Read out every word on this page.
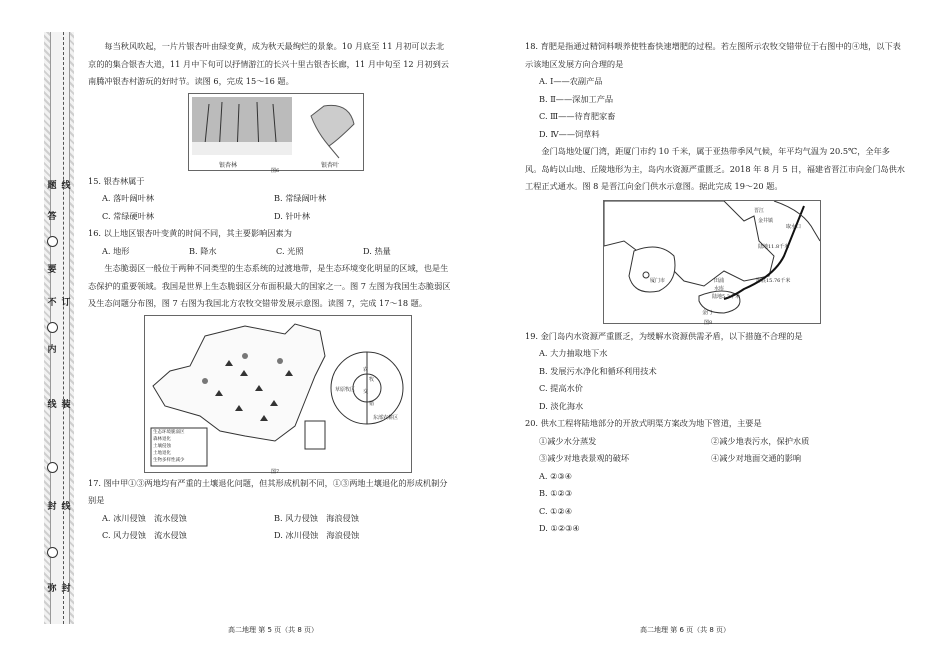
弥
封
线
内
不
要
答
题
封
线
装
订
线

每当秋风吹起，一片片银杏叶由绿变黄，成为秋天最绚烂的景象。10 月底至 11 月初可以去北京的的集合银杏大道，11 月中下旬可以抒情游江的长兴十里古银杏长廊，11 月中旬至 12 月初到云南腾冲银杏村游玩的好时节。读图 6，完成 15～16 题。

银杏林	银杏叶
图6

15. 银杏林属于

A. 落叶阔叶林	B. 常绿阔叶林
C. 常绿硬叶林	D. 针叶林

16. 以上地区银杏叶变黄的时间不同，其主要影响因素为

A. 地形	B. 降水	C. 光照	D. 热量

生态脆弱区一般位于两种不同类型的生态系统的过渡地带，是生态环境变化明显的区域，也是生态保护的重要领域。我国是世界上生态脆弱区分布面积最大的国家之一。图 7 左图为我国生态脆弱区及生态问题分布图，图 7 右图为我国北方农牧交错带发展示意图。读图 7，完成 17～18 题。

生态环境脆弱区
森林退化
土壤侵蚀
土地退化
生物多样性减少
草原牧区
农
牧
交
错
东部农耕区
图7

17. 图中甲①③两地均有严重的土壤退化问题，但其形成机制不同，①③两地土壤退化的形成机制分别是

A. 冰川侵蚀　流水侵蚀	B. 风力侵蚀　海浪侵蚀
C. 风力侵蚀　流水侵蚀	D. 冰川侵蚀　海浪侵蚀

18. 育肥是指通过精饲料喂养使牲畜快速增肥的过程。若左图所示农牧交错带位于右图中的④地，以下表示该地区发展方向合理的是

A. Ⅰ——农副产品

B. Ⅱ——深加工产品

C. Ⅲ——待育肥家畜

D. Ⅳ——饲草料

金门岛地处厦门湾，距厦门市约 10 千米，属于亚热带季风气候，年平均气温为 20.5℃，全年多风。岛屿以山地、丘陵地形为主，岛内水资源严重匮乏。2018 年 8 月 5 日，福建省晋江市向金门岛供水工程正式通水。图 8 是晋江向金门供水示意图。据此完成 19～20 题。

晋江
金井镇
取水口
陆地11.8千米
厦门市	田浦
水库
陆地5.2千米
金门
海底15.76千米
图8

19. 金门岛内水资源严重匮乏，为缓解水资源供需矛盾，以下措施不合理的是

A. 大力抽取地下水

B. 发展污水净化和循环利用技术

C. 提高水价

D. 淡化海水

20. 供水工程将陆地部分的开放式明渠方案改为地下管道，主要是

①减少水分蒸发	②减少地表污水，保护水质
③减少对地表景观的破坏	④减少对地面交通的影响

A. ②③④

B. ①②③

C. ①②④

D. ①②③④

高二地理 第 5 页（共 8 页）	高二地理 第 6 页（共 8 页）
